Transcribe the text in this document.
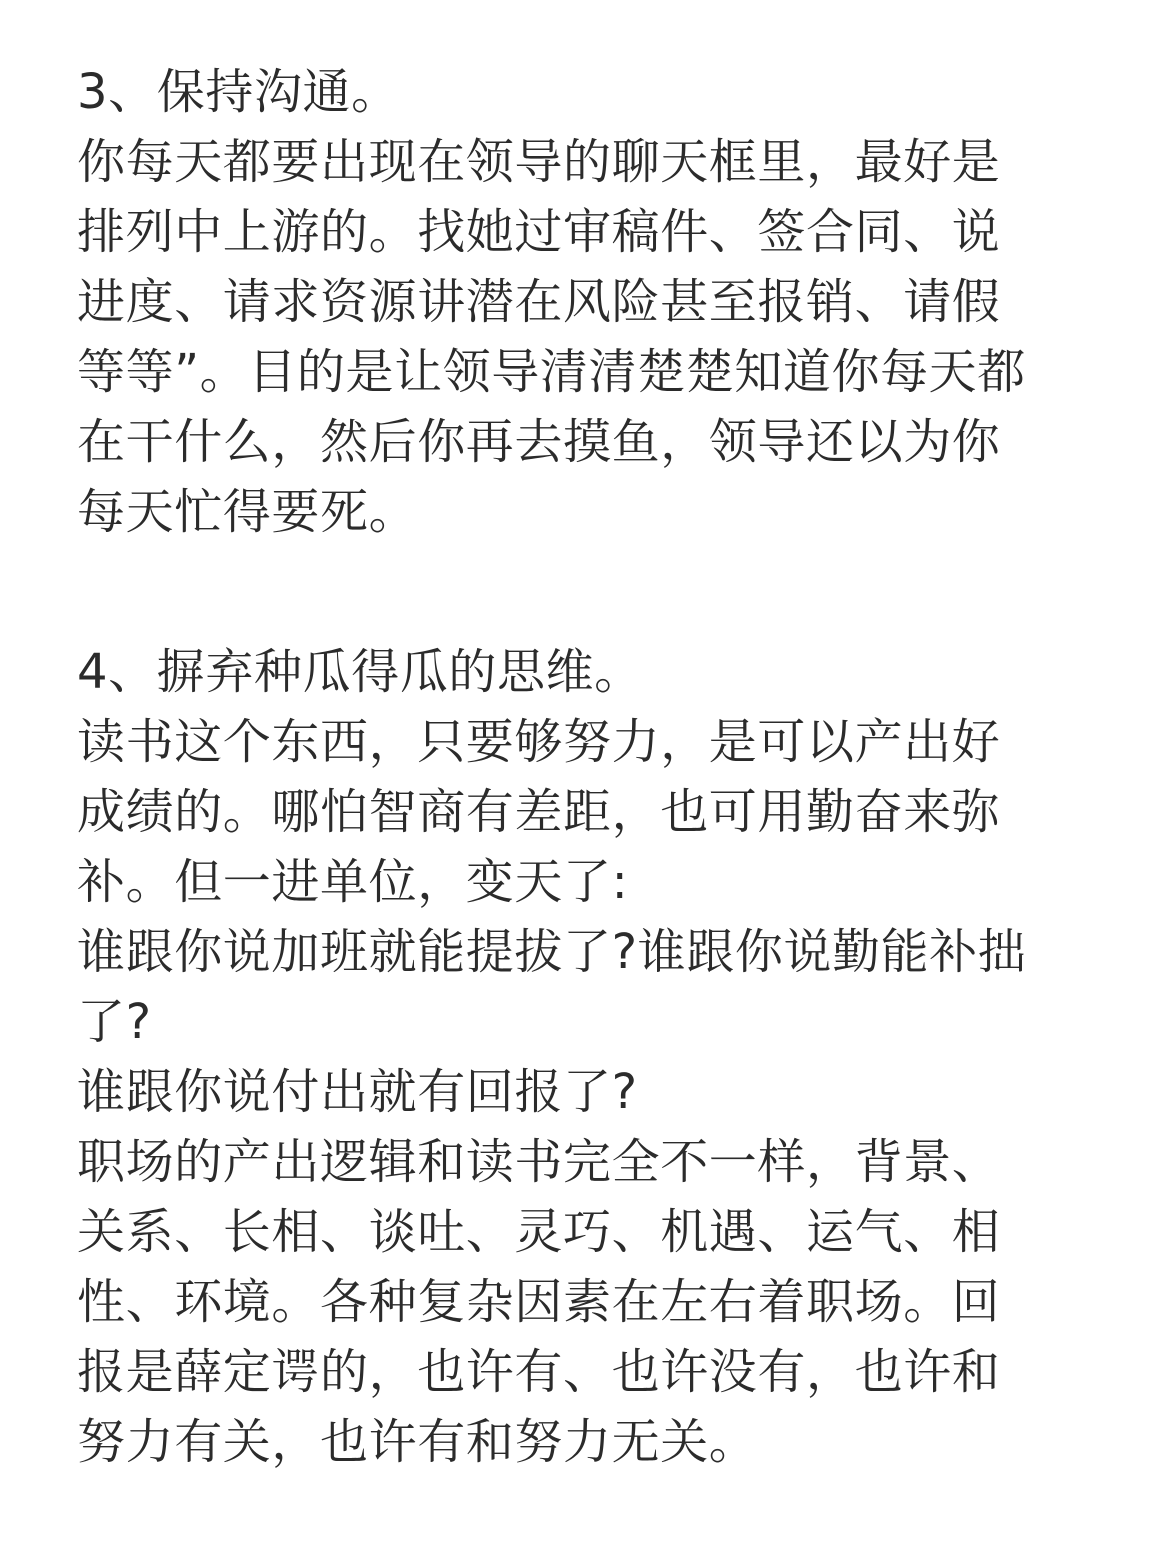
3、保持沟通。
你每天都要出现在领导的聊天框里，最好是
排列中上游的。找她过审稿件、签合同、说
进度、请求资源讲潜在风险甚至报销、请假
等等”。目的是让领导清清楚楚知道你每天都
在干什么，然后你再去摸鱼，领导还以为你
每天忙得要死。
4、摒弃种瓜得瓜的思维。
读书这个东西，只要够努力，是可以产出好
成绩的。哪怕智商有差距，也可用勤奋来弥
补。但一进单位，变天了:
谁跟你说加班就能提拔了?谁跟你说勤能补拙
了?
谁跟你说付出就有回报了?
职场的产出逻辑和读书完全不一样，背景、
关系、长相、谈吐、灵巧、机遇、运气、相
性、环境。各种复杂因素在左右着职场。回
报是薛定谔的，也许有、也许没有，也许和
努力有关，也许有和努力无关。
